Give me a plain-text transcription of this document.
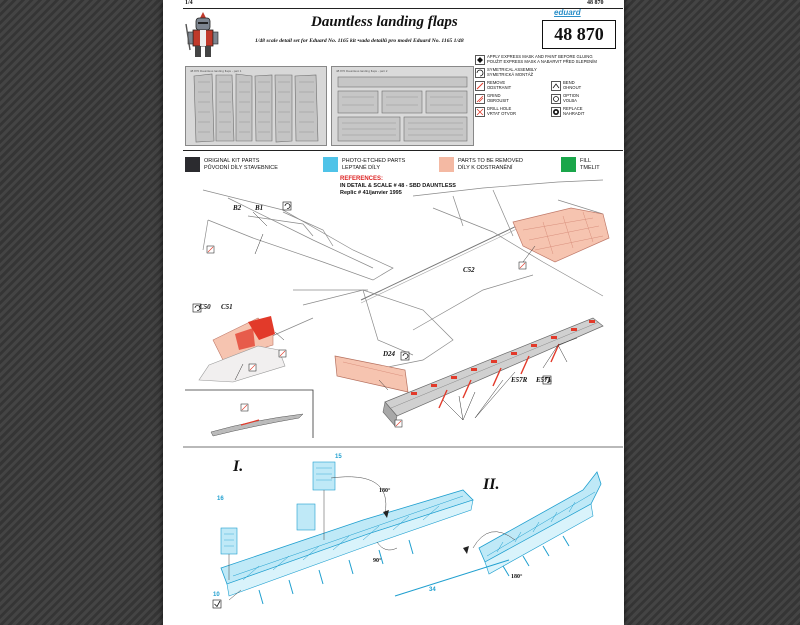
1/4	48 870
Dauntless landing flaps
1/48 scale detail set for Eduard No. 1165 kit •sada detailů pro model Eduard No. 1165 1/48
eduard
48 870
48 870 Dauntless landing flaps - part 1	48 870 Dauntless landing flaps - part 2
APPLY EXPRESS MASK AND PAINT BEFORE GLUING
POUŽIT EXPRESS MASK A NABARVIT PŘED SLEPENÍM
SYMETRICAL ASSEMBLY
SYMETRICKÁ MONTÁŽ
REMOVE
ODSTRANIT
BEND
OHNOUT
GRIND
OBROUSIT
OPTION
VOLBA
DRILL HOLE
VRTAT OTVOR
REPLACE
NAHRADIT
ORIGINAL KIT PARTS
PŮVODNÍ DÍLY STAVEBNICE
PHOTO-ETCHED PARTS
LEPTANÉ DÍLY
PARTS TO BE REMOVED
DÍLY K ODSTRANĚNÍ
FILL
TMELIT
REFERENCES:
IN DETAIL & SCALE # 48 - SBD DAUNTLESS
Replic # 41/janvier 1995
B2 B1
C52
C50 C51
D24
E57R E57L
I.
II.
15
16
10
34
180°
90°
180°
